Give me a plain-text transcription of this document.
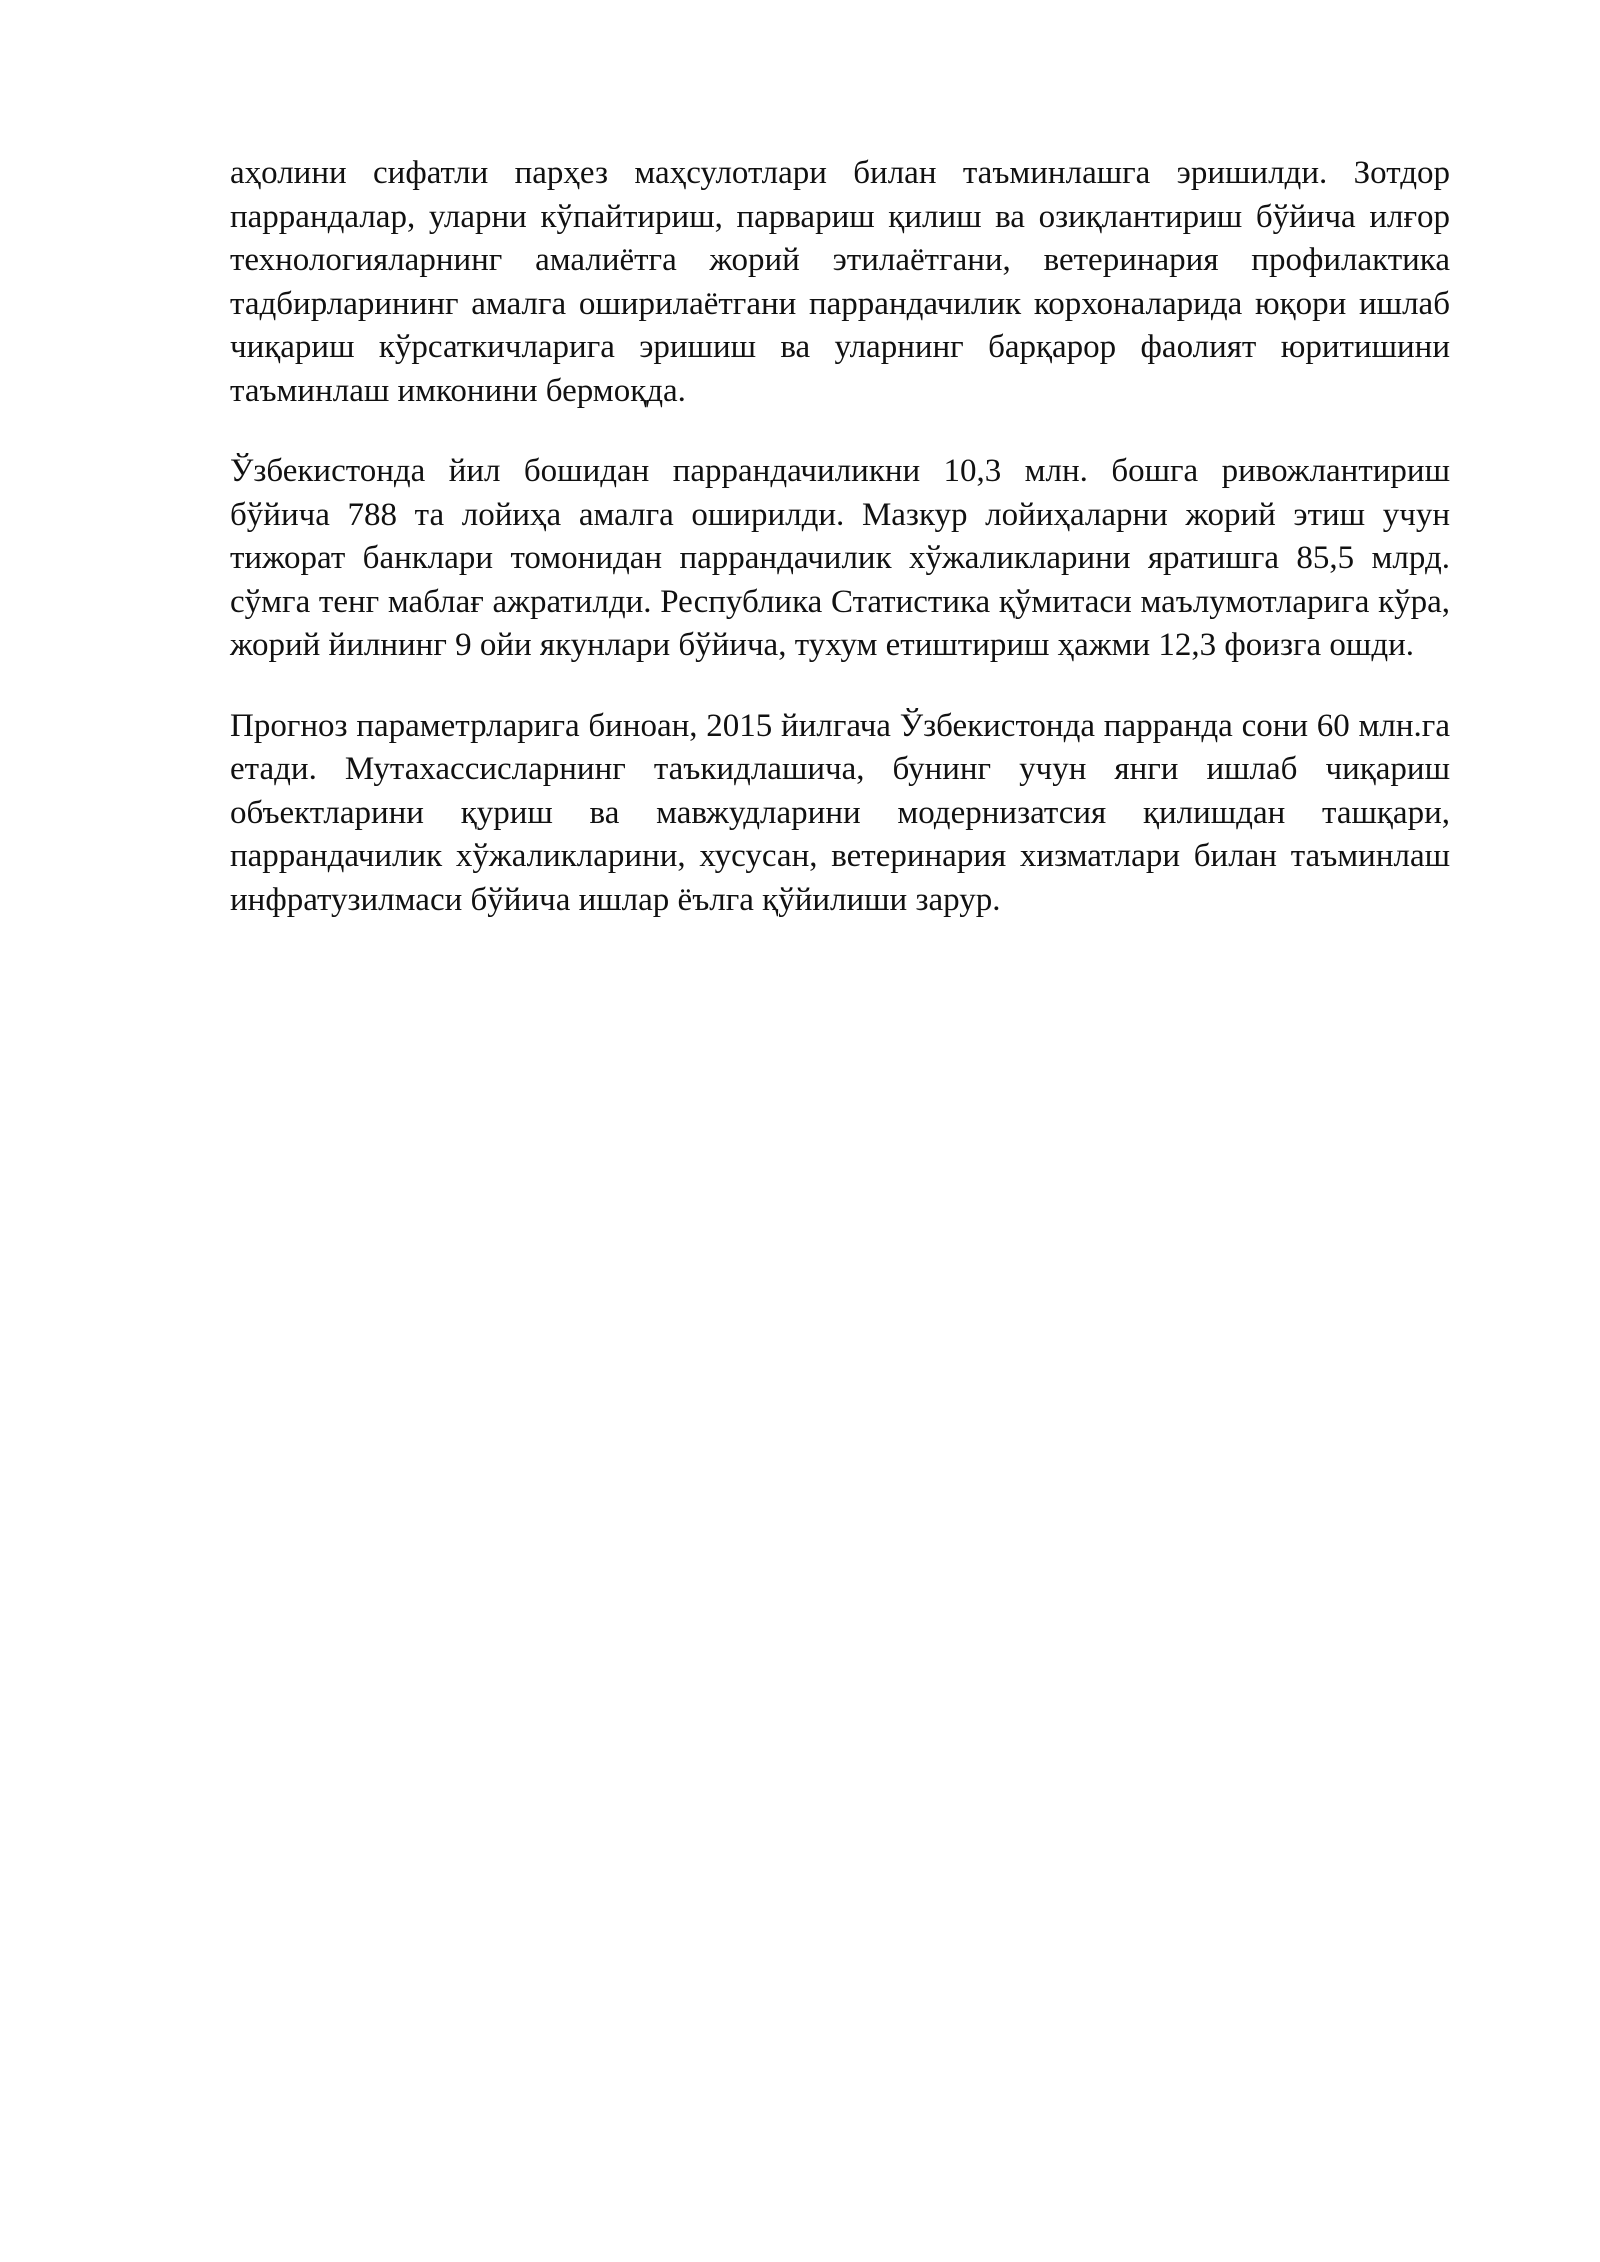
аҳолини сифатли парҳез маҳсулотлари билан таъминлашга эришилди. Зотдор паррандалар, уларни кўпайтириш, парвариш қилиш ва озиқлантириш бўйича илғор технологияларнинг амалиётга жорий этилаётгани, ветеринария профилактика тадбирларининг амалга оширилаётгани паррандачилик корхоналарида юқори ишлаб чиқариш кўрсаткичларига эришиш ва уларнинг барқарор фаолият юритишини таъминлаш имконини бермоқда.

Ўзбекистонда йил бошидан паррандачиликни 10,3 млн. бошга ривожлантириш бўйича 788 та лойиҳа амалга оширилди. Мазкур лойиҳаларни жорий этиш учун тижорат банклари томонидан паррандачилик хўжаликларини яратишга 85,5 млрд. сўмга тенг маблағ ажратилди. Республика Статистика қўмитаси маълумотларига кўра, жорий йилнинг 9 ойи якунлари бўйича, тухум етиштириш ҳажми 12,3 фоизга ошди.

Прогноз параметрларига биноан, 2015 йилгача Ўзбекистонда парранда сони 60 млн.га етади. Мутахассисларнинг таъкидлашича, бунинг учун янги ишлаб чиқариш объектларини қуриш ва мавжудларини модернизатсия қилишдан ташқари, паррандачилик хўжаликларини, хусусан, ветеринария хизматлари билан таъминлаш инфратузилмаси бўйича ишлар ёълга қўйилиши зарур.
